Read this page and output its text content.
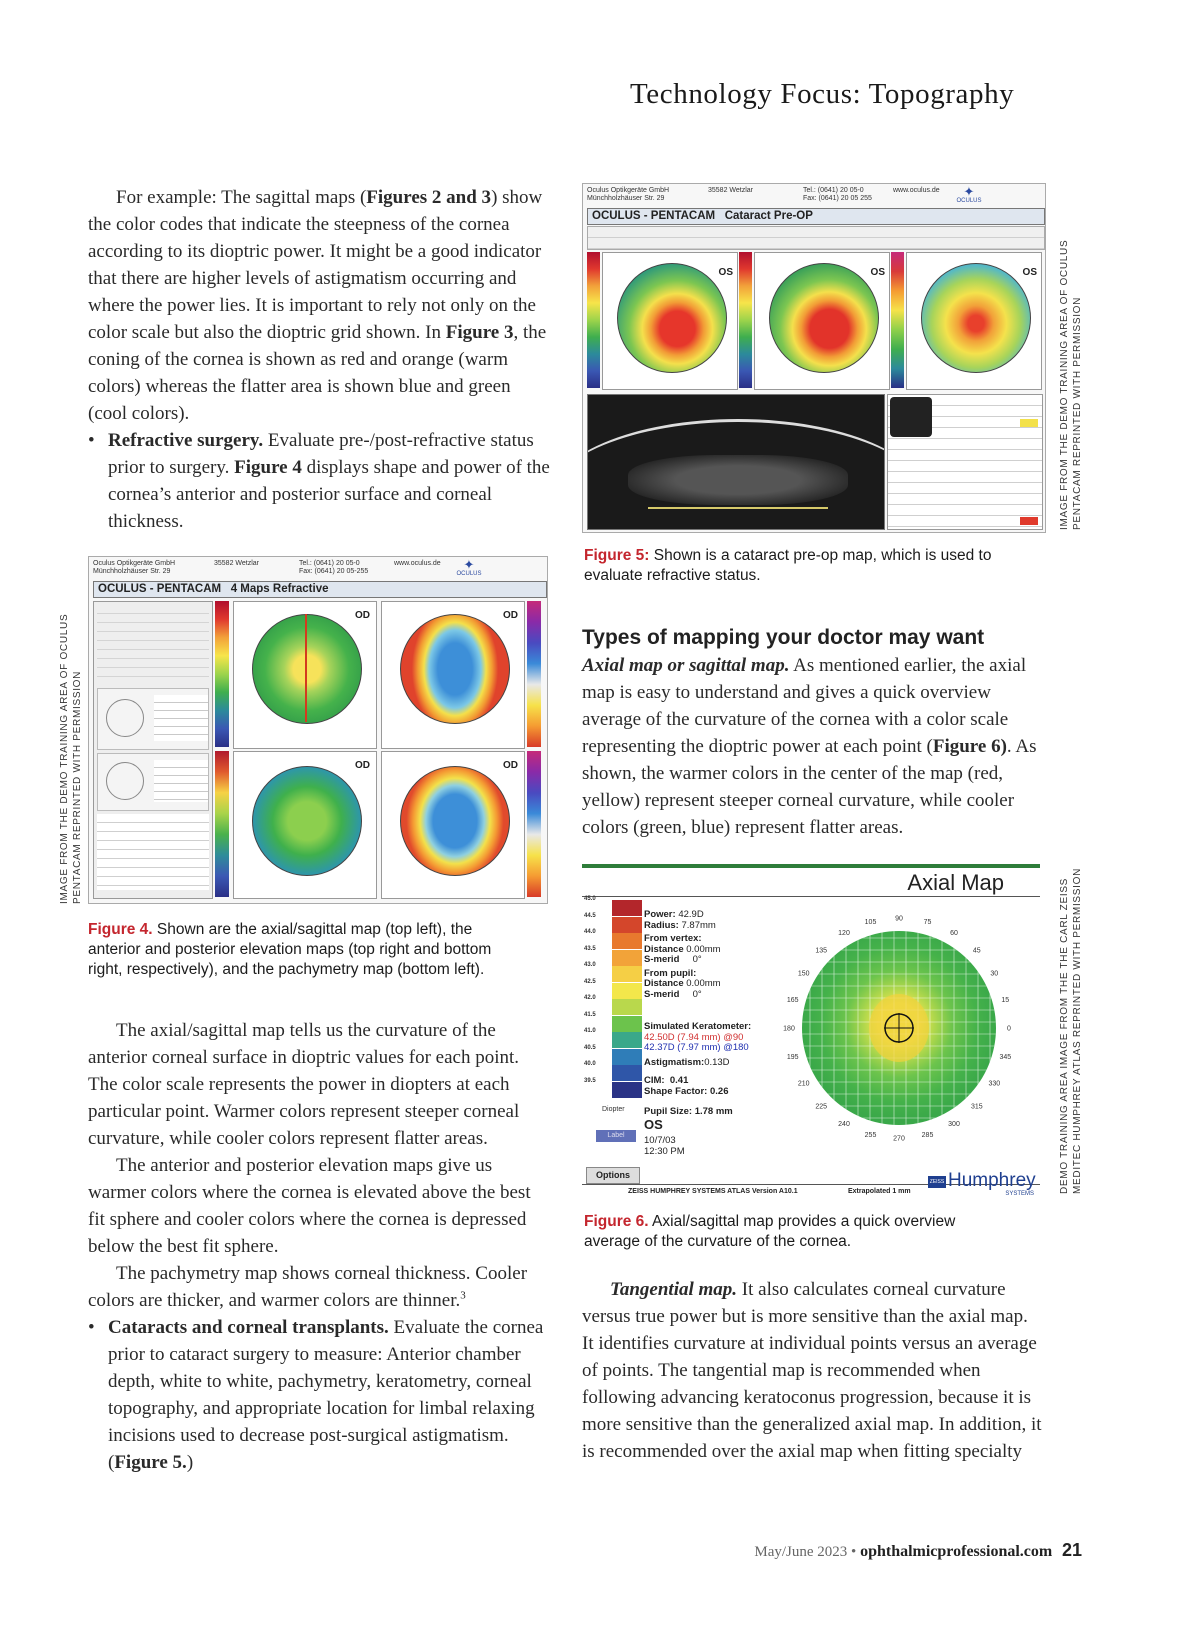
Technology Focus: Topography

For example: The sagittal maps (Figures 2 and 3) show the color codes that indicate the steepness of the cornea according to its dioptric power. It might be a good indicator that there are higher levels of astigmatism occurring and where the power lies. It is important to rely not only on the color scale but also the dioptric grid shown. In Figure 3, the coning of the cornea is shown as red and orange (warm colors) whereas the flatter area is shown blue and green (cool colors).

• Refractive surgery. Evaluate pre-/post-refractive status prior to surgery. Figure 4 displays shape and power of the cornea’s anterior and posterior surface and corneal thickness.

Oculus Optikgeräte GmbH
Münchholzhäuser Str. 29
35582 Wetzlar	Tel.: (0641) 20 05-0
Fax: (0641) 20 05-255
www.oculus.de	✦
OCULUS
OCULUS - PENTACAM 4 Maps Refractive
OD	OD
OD	OD
IMAGE FROM THE DEMO TRAINING AREA OF OCULUS PENTACAM REPRINTED WITH PERMISSION
Figure 4. Shown are the axial/sagittal map (top left), the anterior and posterior elevation maps (top right and bottom right, respectively), and the pachymetry map (bottom left).

The axial/sagittal map tells us the curvature of the anterior corneal surface in dioptric values for each point. The color scale represents the power in diopters at each particular point. Warmer colors represent steeper corneal curvature, while cooler colors represent flatter areas.

The anterior and posterior elevation maps give us warmer colors where the cornea is elevated above the best fit sphere and cooler colors where the cornea is depressed below the best fit sphere.

The pachymetry map shows corneal thickness. Cooler colors are thicker, and warmer colors are thinner.$^3$

• Cataracts and corneal transplants. Evaluate the cornea prior to cataract surgery to measure: Anterior chamber depth, white to white, pachymetry, keratometry, corneal topography, and appropriate location for limbal relaxing incisions used to decrease post-surgical astigmatism. (Figure 5.)

Oculus Optikgeräte GmbH
Münchholzhäuser Str. 29
35582 Wetzlar	Tel.: (0641) 20 05-0
Fax: (0641) 20 05 255
www.oculus.de	✦
OCULUS
OCULUS - PENTACAM Cataract Pre-OP
OS	OS	OS IMAGE FROM THE DEMO TRAINING AREA OF OCULUS PENTACAM REPRINTED WITH PERMISSION
Figure 5: Shown is a cataract pre-op map, which is used to evaluate refractive status.
Types of mapping your doctor may want

Axial map or sagittal map. As mentioned earlier, the axial map is easy to understand and gives a quick overview average of the curvature of the cornea with a color scale representing the dioptric power at each point (Figure 6). As shown, the warmer colors in the center of the map (red, yellow) represent steeper corneal curvature, while cooler colors (green, blue) represent flatter areas.

Axial Map
45.0
44.5
44.0
43.5
43.0
42.5
42.0
41.5
41.0
40.5
40.0
39.5
Diopter
Label
Options
Power: 42.9D
Radius: 7.87mm
From vertex:
Distance 0.00mm
S-merid 0°
From pupil:
Distance 0.00mm
S-merid 0°
Simulated Keratometer:
42.50D (7.94 mm) @90
42.37D (7.97 mm) @180
Astigmatism:0.13D
CIM: 0.41
Shape Factor: 0.26
Pupil Size: 1.78 mm
OS
10/7/03
12:30 PM
90
75
60
45
30
15
0
345
330
315
300
285
270
255
240
225
210
195
180
165
150
135
120
105
ZEISS HUMPHREY SYSTEMS ATLAS Version A10.1	Extrapolated 1 mm
ZEISS Humphrey
SYSTEMS	DEMO TRAINING AREA IMAGE FROM THE THE CARL ZEISS MEDITEC HUMPHREY ATLAS REPRINTED WITH PERMISSION
Figure 6. Axial/sagittal map provides a quick overview average of the curvature of the cornea.

Tangential map. It also calculates corneal curvature versus true power but is more sensitive than the axial map. It identifies curvature at individual points versus an average of points. The tangential map is recommended when following advancing keratoconus progression, because it is more sensitive than the generalized axial map. In addition, it is recommended over the axial map when fitting specialty

May/June 2023 • ophthalmicprofessional.com 21
